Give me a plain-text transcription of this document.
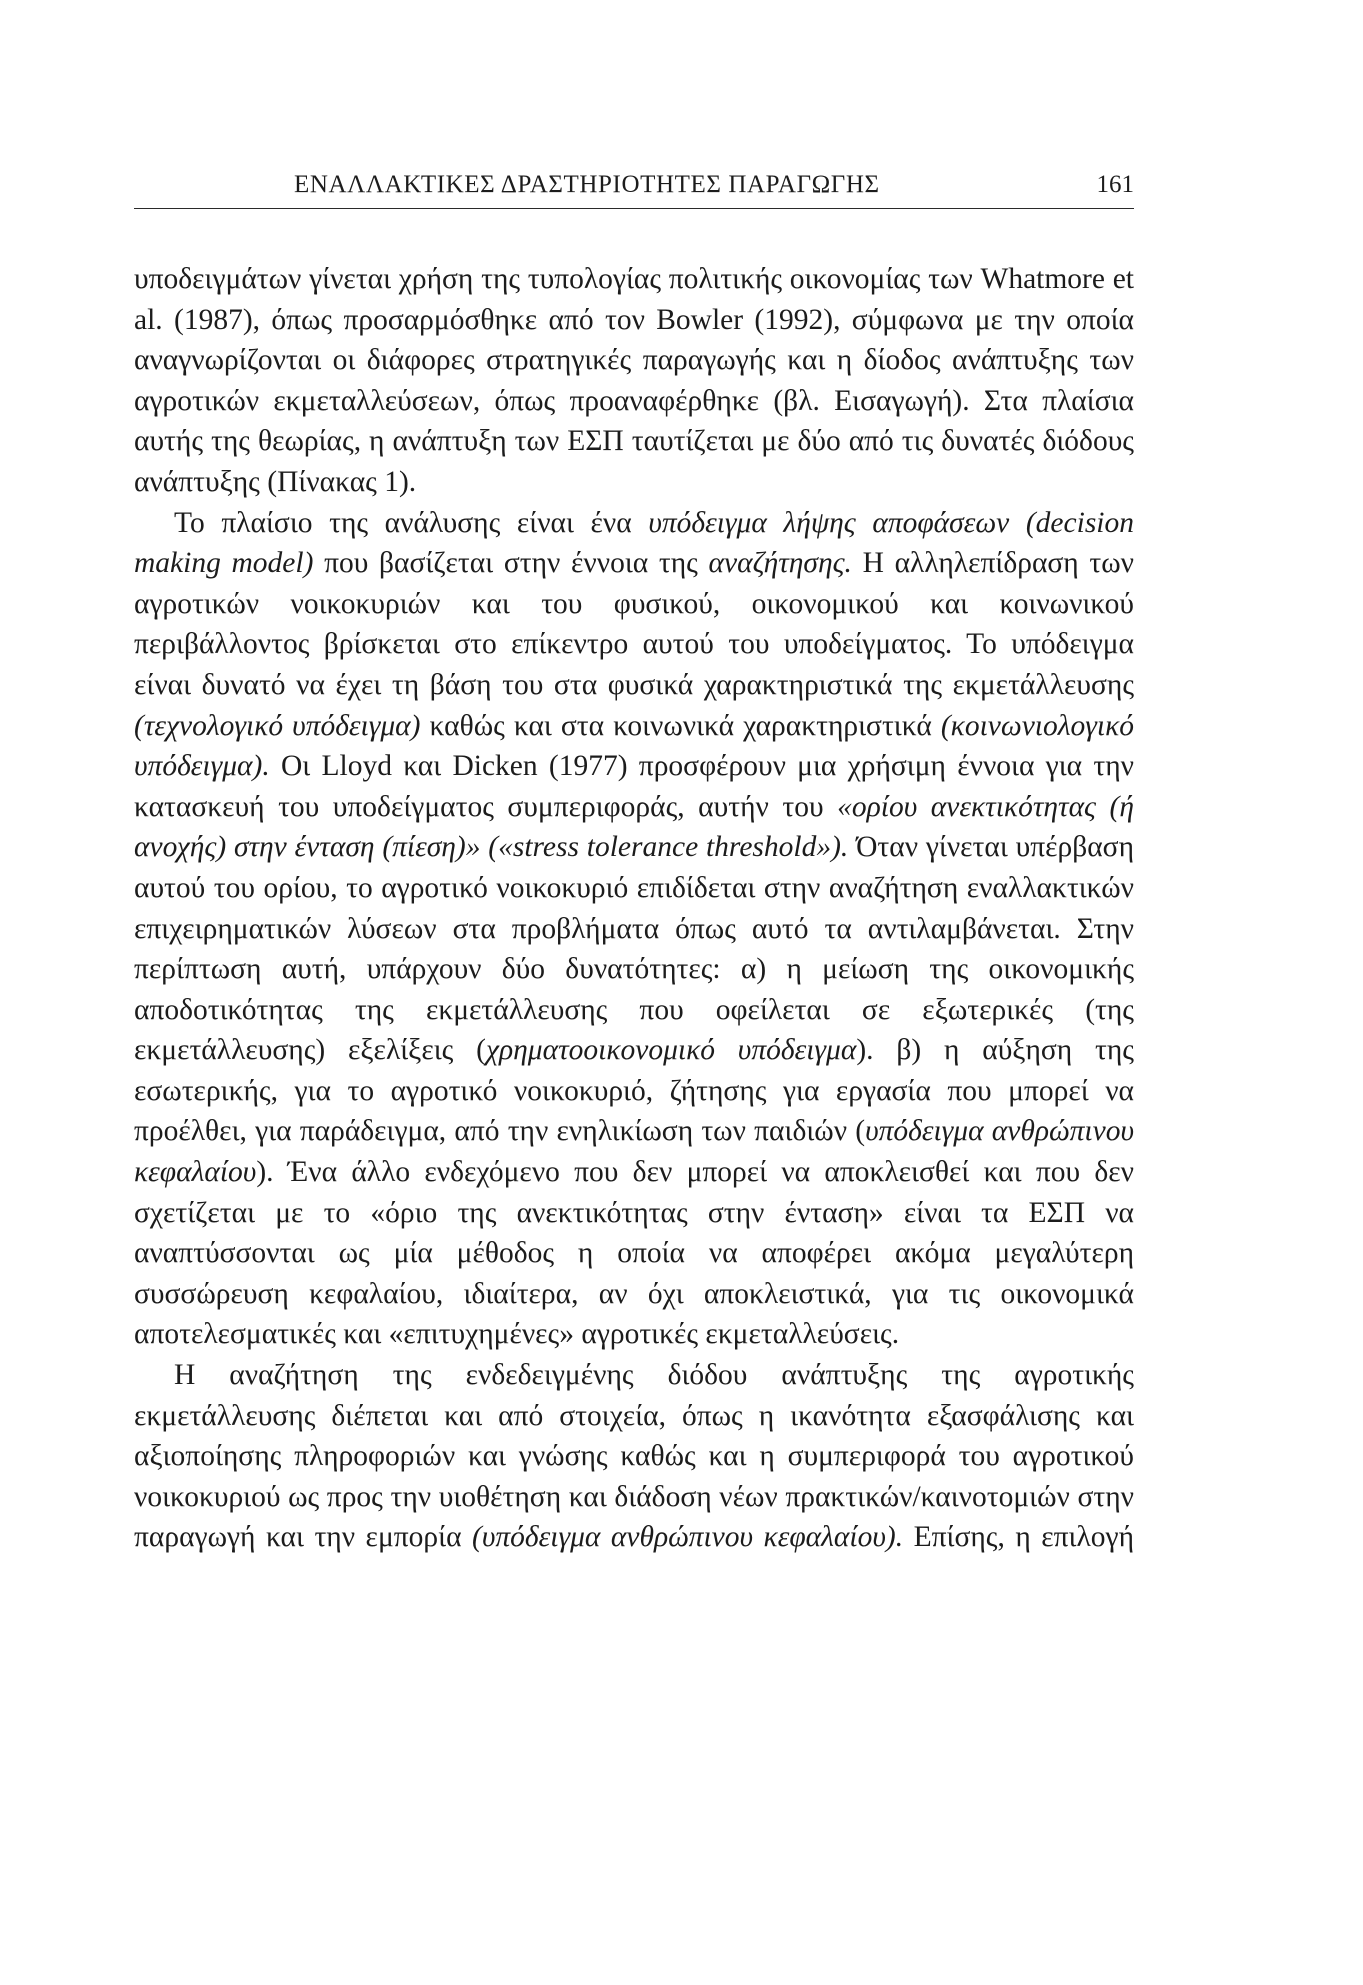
ΕΝΑΛΛΑΚΤΙΚΕΣ ΔΡΑΣΤΗΡΙΟΤΗΤΕΣ ΠΑΡΑΓΩΓΗΣ	161

υποδειγμάτων γίνεται χρήση της τυπολογίας πολιτικής οικονομίας των Whatmore et al. (1987), όπως προσαρμόσθηκε από τον Bowler (1992), σύμφωνα με την οποία αναγνωρίζονται οι διάφορες στρατηγικές παραγωγής και η δίοδος ανάπτυξης των αγροτικών εκμεταλλεύσεων, όπως προαναφέρθηκε (βλ. Εισαγωγή). Στα πλαίσια αυτής της θεωρίας, η ανάπτυξη των ΕΣΠ ταυτίζεται με δύο από τις δυνατές διόδους ανάπτυξης (Πίνακας 1).

Το πλαίσιο της ανάλυσης είναι ένα υπόδειγμα λήψης αποφάσεων (decision making model) που βασίζεται στην έννοια της αναζήτησης. Η αλληλεπίδραση των αγροτικών νοικοκυριών και του φυσικού, οικονομικού και κοινωνικού περιβάλλοντος βρίσκεται στο επίκεντρο αυτού του υποδείγματος. Το υπόδειγμα είναι δυνατό να έχει τη βάση του στα φυσικά χαρακτηριστικά της εκμετάλλευσης (τεχνολογικό υπόδειγμα) καθώς και στα κοινωνικά χαρακτηριστικά (κοινωνιολογικό υπόδειγμα). Οι Lloyd και Dicken (1977) προσφέρουν μια χρήσιμη έννοια για την κατασκευή του υποδείγματος συμπεριφοράς, αυτήν του «ορίου ανεκτικότητας (ή ανοχής) στην ένταση (πίεση)» («stress tolerance threshold»). Όταν γίνεται υπέρβαση αυτού του ορίου, το αγροτικό νοικοκυριό επιδίδεται στην αναζήτηση εναλλακτικών επιχειρηματικών λύσεων στα προβλήματα όπως αυτό τα αντιλαμβάνεται. Στην περίπτωση αυτή, υπάρχουν δύο δυνατότητες: α) η μείωση της οικονομικής αποδοτικότητας της εκμετάλλευσης που οφείλεται σε εξωτερικές (της εκμετάλλευσης) εξελίξεις (χρηματοοικονομικό υπόδειγμα). β) η αύξηση της εσωτερικής, για το αγροτικό νοικοκυριό, ζήτησης για εργασία που μπορεί να προέλθει, για παράδειγμα, από την ενηλικίωση των παιδιών (υπόδειγμα ανθρώπινου κεφαλαίου). Ένα άλλο ενδεχόμενο που δεν μπορεί να αποκλεισθεί και που δεν σχετίζεται με το «όριο της ανεκτικότητας στην ένταση» είναι τα ΕΣΠ να αναπτύσσονται ως μία μέθοδος η οποία να αποφέρει ακόμα μεγαλύτερη συσσώρευση κεφαλαίου, ιδιαίτερα, αν όχι αποκλειστικά, για τις οικονομικά αποτελεσματικές και «επιτυχημένες» αγροτικές εκμεταλλεύσεις.

Η αναζήτηση της ενδεδειγμένης διόδου ανάπτυξης της αγροτικής εκμετάλλευσης διέπεται και από στοιχεία, όπως η ικανότητα εξασφάλισης και αξιοποίησης πληροφοριών και γνώσης καθώς και η συμπεριφορά του αγροτικού νοικοκυριού ως προς την υιοθέτηση και διάδοση νέων πρακτικών/καινοτομιών στην παραγωγή και την εμπορία (υπόδειγμα ανθρώπινου κεφαλαίου). Επίσης, η επιλογή
